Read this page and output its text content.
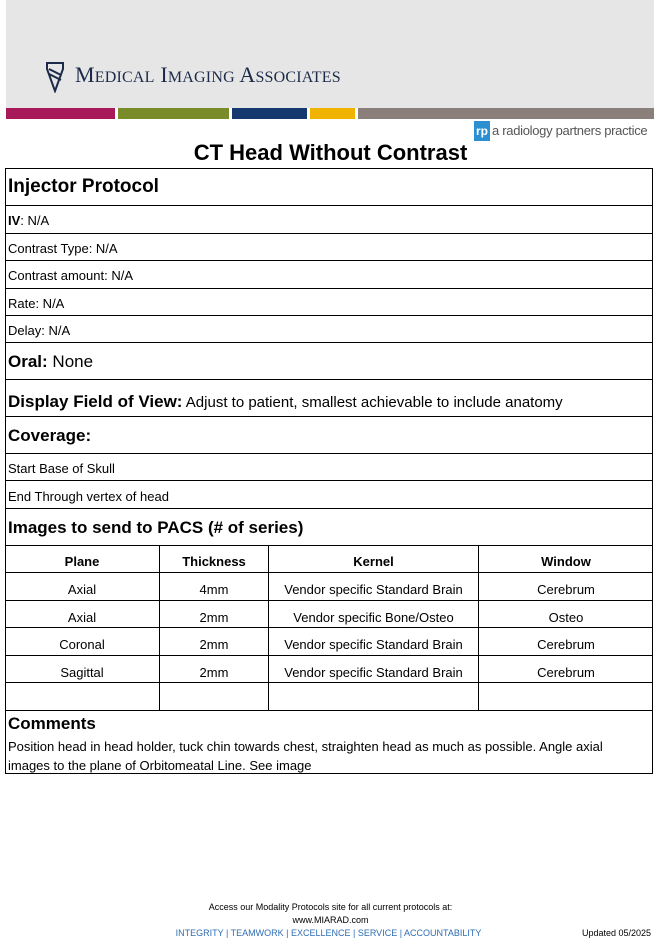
MEDICAL IMAGING ASSOCIATES
rp a radiology partners practice
CT Head Without Contrast
Injector Protocol
IV: N/A
Contrast Type: N/A
Contrast amount: N/A
Rate: N/A
Delay: N/A
Oral: None
Display Field of View: Adjust to patient, smallest achievable to include anatomy
Coverage:
Start Base of Skull
End Through vertex of head
Images to send to PACS (# of series)
Plane	Thickness	Kernel	Window
Axial	4mm	Vendor specific Standard Brain	Cerebrum
Axial	2mm	Vendor specific Bone/Osteo	Osteo
Coronal	2mm	Vendor specific Standard Brain	Cerebrum
Sagittal	2mm	Vendor specific Standard Brain	Cerebrum
Comments
Position head in head holder, tuck chin towards chest, straighten head as much as possible. Angle axial
images to the plane of Orbitomeatal Line. See image
Access our Modality Protocols site for all current protocols at:
www.MIARAD.com
INTEGRITY | TEAMWORK | EXCELLENCE | SERVICE | ACCOUNTABILITY	Updated 05/2025
